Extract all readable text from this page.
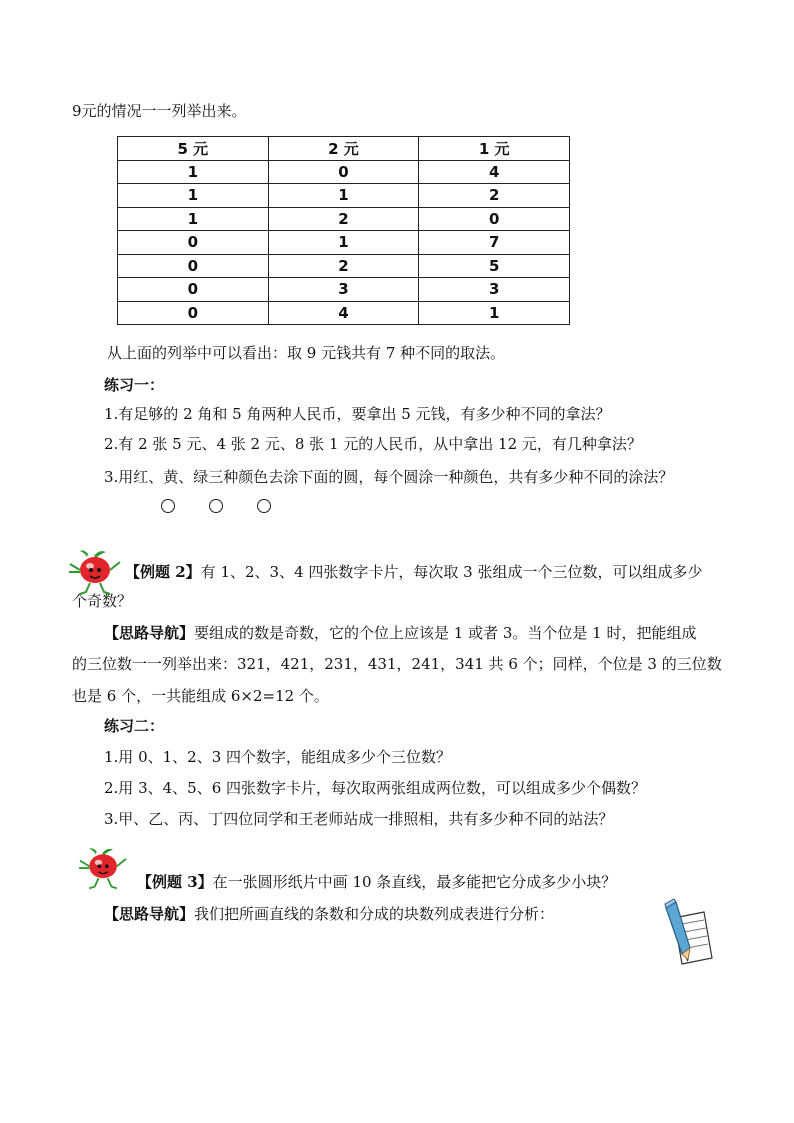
9元的情况一一列举出来。
5 元	2 元	1 元
1	0	4
1	1	2
1	2	0
0	1	7
0	2	5
0	3	3
0	4	1
从上面的列举中可以看出：取 9 元钱共有 7 种不同的取法。
练习一：
1.有足够的 2 角和 5 角两种人民币，要拿出 5 元钱，有多少种不同的拿法？
2.有 2 张 5 元、4 张 2 元、8 张 1 元的人民币，从中拿出 12 元，有几种拿法？
3.用红、黄、绿三种颜色去涂下面的圆，每个圆涂一种颜色，共有多少种不同的涂法？
【例题 2】有 1、2、3、4 四张数字卡片，每次取 3 张组成一个三位数，可以组成多少
个奇数？
【思路导航】要组成的数是奇数，它的个位上应该是 1 或者 3。当个位是 1 时，把能组成
的三位数一一列举出来：321，421，231，431，241，341 共 6 个；同样，个位是 3 的三位数
也是 6 个，一共能组成 6×2=12 个。
练习二：
1.用 0、1、2、3 四个数字，能组成多少个三位数？
2.用 3、4、5、6 四张数字卡片，每次取两张组成两位数，可以组成多少个偶数？
3.甲、乙、丙、丁四位同学和王老师站成一排照相，共有多少种不同的站法？
【例题 3】在一张圆形纸片中画 10 条直线，最多能把它分成多少小块？
【思路导航】我们把所画直线的条数和分成的块数列成表进行分析：
